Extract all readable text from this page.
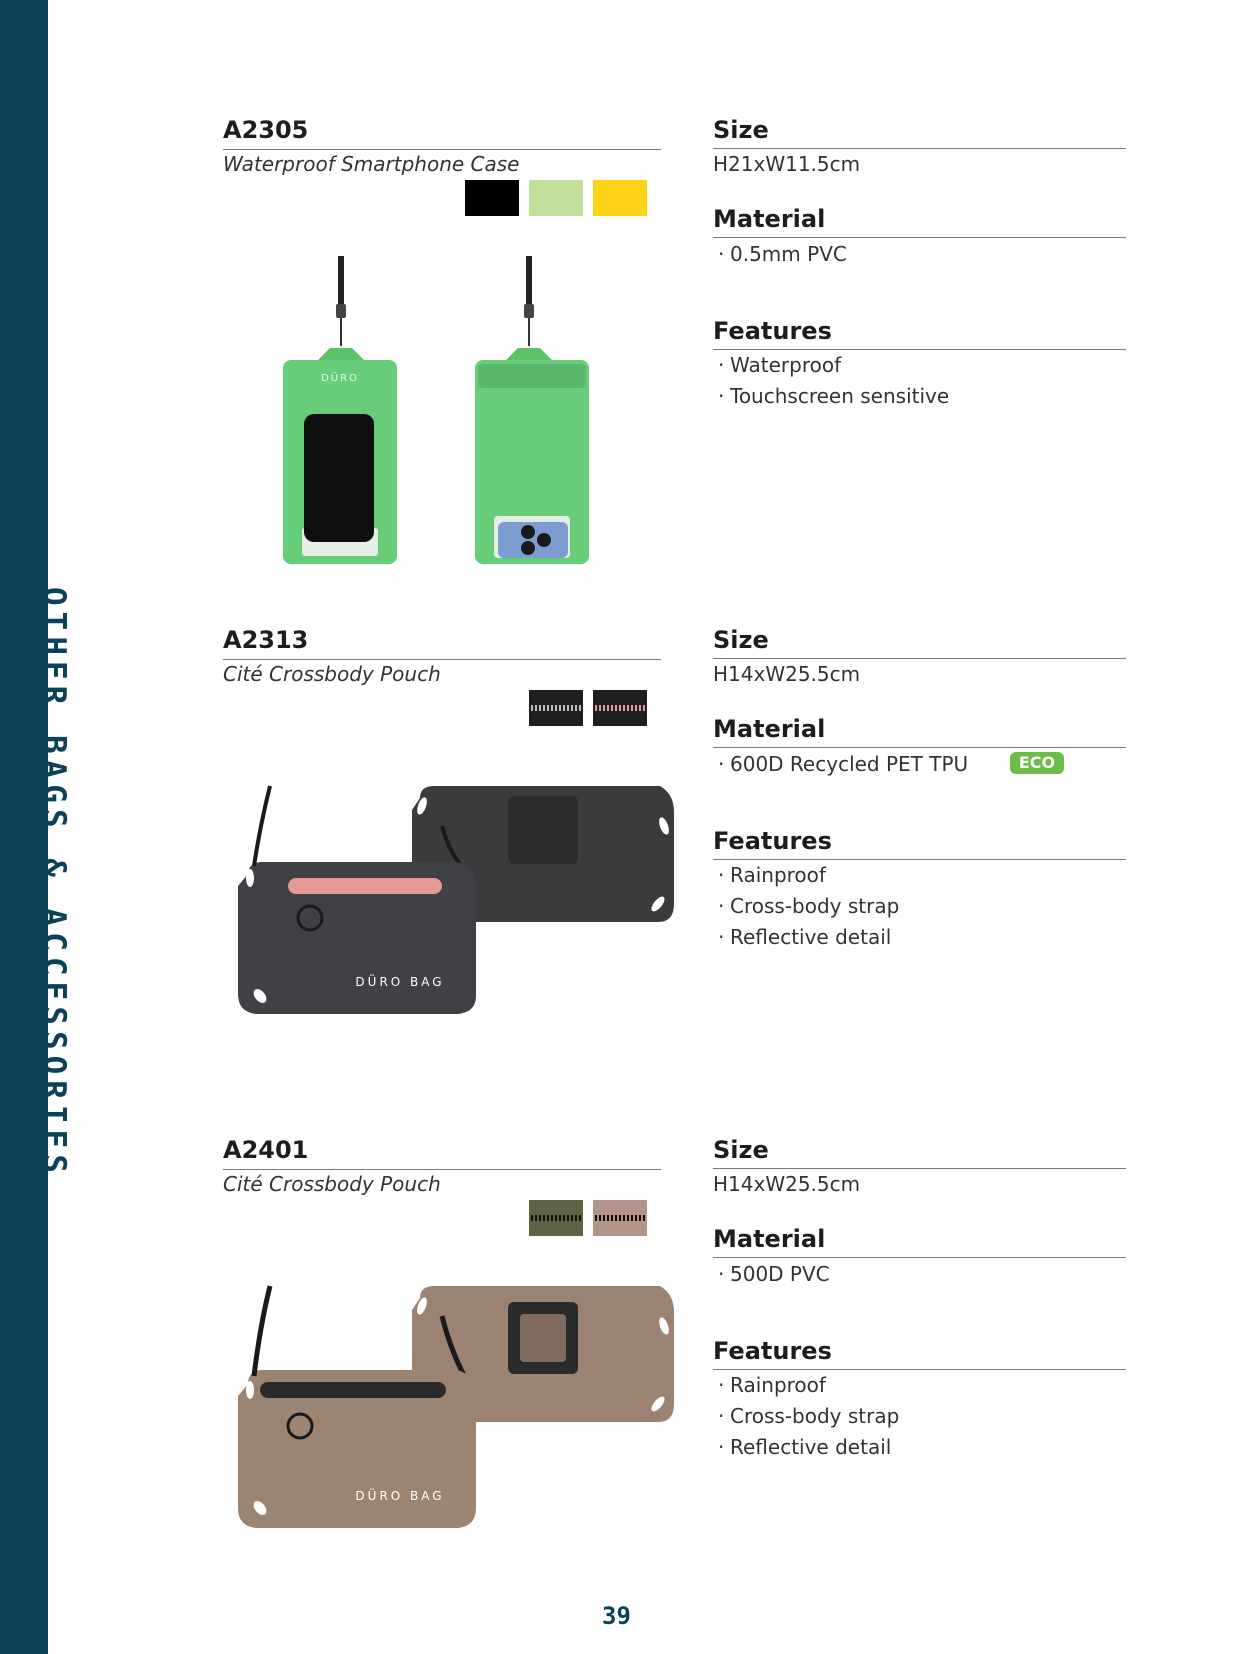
OTHER BAGS & ACCESSORIES
A2305
Waterproof Smartphone Case
Size
H21xW11.5cm
Material
· 0.5mm PVC
Features
· Waterproof
· Touchscreen sensitive
DÜRO
A2313
Cité Crossbody Pouch
Size
H14xW25.5cm
Material
· 600D Recycled PET TPU	ECO
Features
· Rainproof
· Cross-body strap
· Reflective detail
DÜRO BAG
A2401
Cité Crossbody Pouch
Size
H14xW25.5cm
Material
· 500D PVC
Features
· Rainproof
· Cross-body strap
· Reflective detail
DÜRO BAG
39
